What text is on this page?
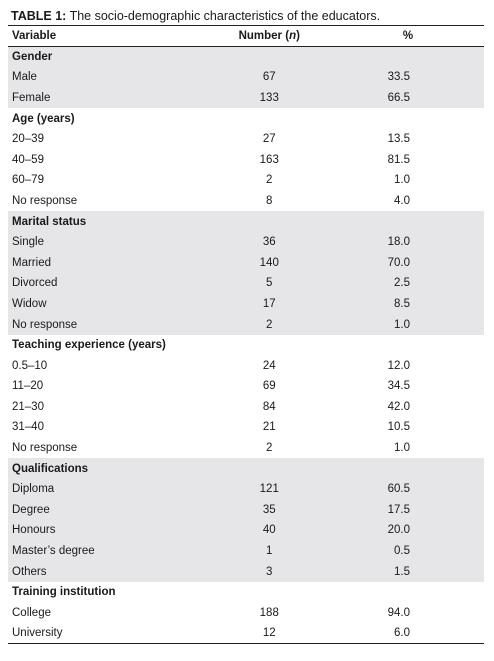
TABLE 1: The socio-demographic characteristics of the educators.

Variable	Number (n)	%
Gender		
Male	67	33.5
Female	133	66.5
Age (years)		
20–39	27	13.5
40–59	163	81.5
60–79	2	1.0
No response	8	4.0
Marital status		
Single	36	18.0
Married	140	70.0
Divorced	5	2.5
Widow	17	8.5
No response	2	1.0
Teaching experience (years)		
0.5–10	24	12.0
11–20	69	34.5
21–30	84	42.0
31–40	21	10.5
No response	2	1.0
Qualifications		
Diploma	121	60.5
Degree	35	17.5
Honours	40	20.0
Master’s degree	1	0.5
Others	3	1.5
Training institution		
College	188	94.0
University	12	6.0
